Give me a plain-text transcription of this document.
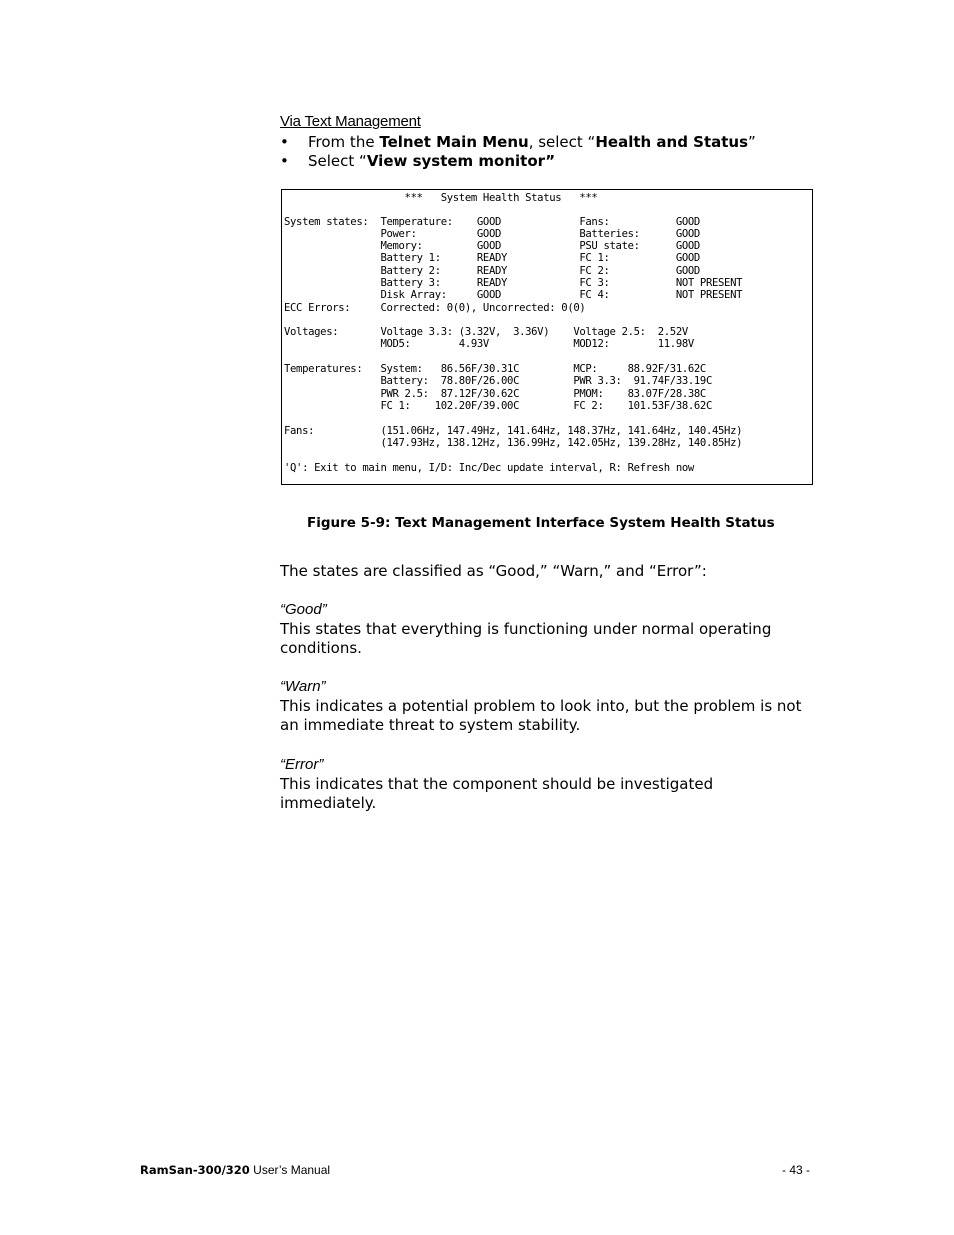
Via Text Management
• From the Telnet Main Menu, select “Health and Status”
• Select “View system monitor”
***   System Health Status   ***
System states:  Temperature:    GOOD             Fans:           GOOD
Power:          GOOD             Batteries:      GOOD
Memory:         GOOD             PSU state:      GOOD
Battery 1:      READY            FC 1:           GOOD
Battery 2:      READY            FC 2:           GOOD
Battery 3:      READY            FC 3:           NOT PRESENT
Disk Array:     GOOD             FC 4:           NOT PRESENT
ECC Errors:     Corrected: 0(0), Uncorrected: 0(0)
Voltages:       Voltage 3.3: (3.32V,  3.36V)    Voltage 2.5:  2.52V
MOD5:        4.93V              MOD12:        11.98V
Temperatures:   System:   86.56F/30.31C         MCP:     88.92F/31.62C
Battery:  78.80F/26.00C         PWR 3.3:  91.74F/33.19C
PWR 2.5:  87.12F/30.62C         PMOM:    83.07F/28.38C
FC 1:    102.20F/39.00C         FC 2:    101.53F/38.62C
Fans:           (151.06Hz, 147.49Hz, 141.64Hz, 148.37Hz, 141.64Hz, 140.45Hz)
(147.93Hz, 138.12Hz, 136.99Hz, 142.05Hz, 139.28Hz, 140.85Hz)
'Q': Exit to main menu, I/D: Inc/Dec update interval, R: Refresh now
Figure 5-9: Text Management Interface System Health Status
The states are classified as “Good,” “Warn,” and “Error”:
“Good”
This states that everything is functioning under normal operating conditions.
“Warn”
This indicates a potential problem to look into, but the problem is not an immediate threat to system stability.
“Error”
This indicates that the component should be investigated immediately.
RamSan-300/320 User’s Manual	- 43 -
